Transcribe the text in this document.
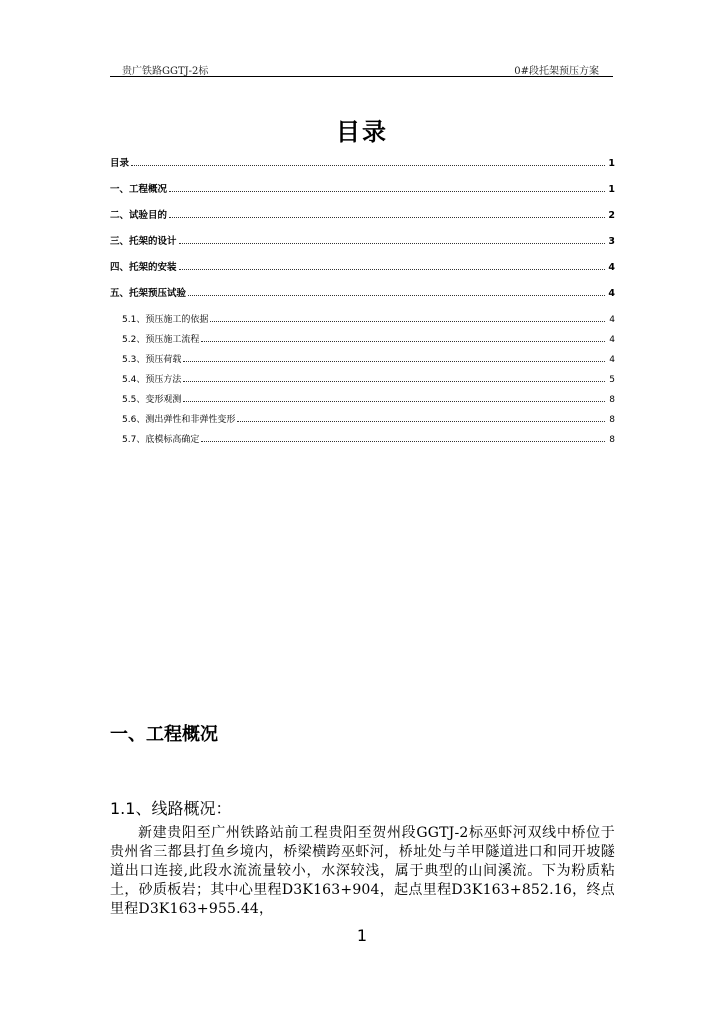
贵广铁路GGTJ-2标	0#段托架预压方案
目录
目录	1
一、工程概况	1
二、试验目的	2
三、托架的设计	3
四、托架的安装	4
五、托架预压试验	4
5.1、预压施工的依据	4
5.2、预压施工流程	4
5.3、预压荷载	4
5.4、预压方法	5
5.5、变形观测	8
5.6、测出弹性和非弹性变形	8
5.7、底模标高确定	8
一、工程概况
1.1、线路概况：
新建贵阳至广州铁路站前工程贵阳至贺州段GGTJ-2标巫虾河双线中桥位于贵州省三都县打鱼乡境内，桥梁横跨巫虾河，桥址处与羊甲隧道进口和同开坡隧道出口连接,此段水流流量较小，水深较浅，属于典型的山间溪流。下为粉质粘土，砂质板岩；其中心里程D3K163+904，起点里程D3K163+852.16，终点里程D3K163+955.44，
1
